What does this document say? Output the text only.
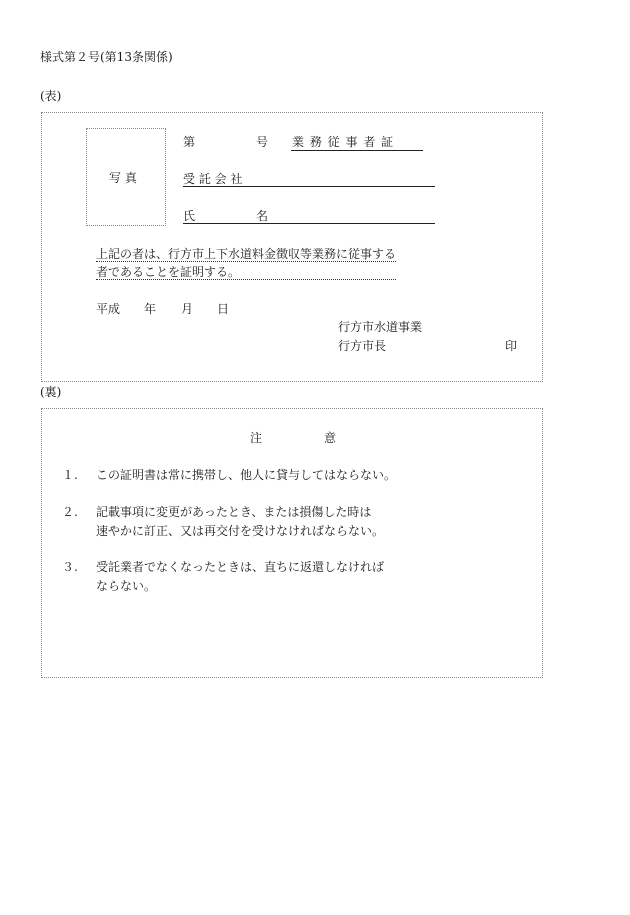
様式第２号(第13条関係)
(表)
写 真
第	号 業 務 従 事 者 証
受 託 会 社
氏	名
上記の者は、行方市上下水道料金徴収等業務に従事する
者であることを証明する。
平成 年 月 日
行方市水道事業
行方市長	印
(裏)
注	意
１. この証明書は常に携帯し、他人に貸与してはならない。
２. 記載事項に変更があったとき、または損傷した時は
速やかに訂正、又は再交付を受けなければならない。
３. 受託業者でなくなったときは、直ちに返還しなければ
ならない。
